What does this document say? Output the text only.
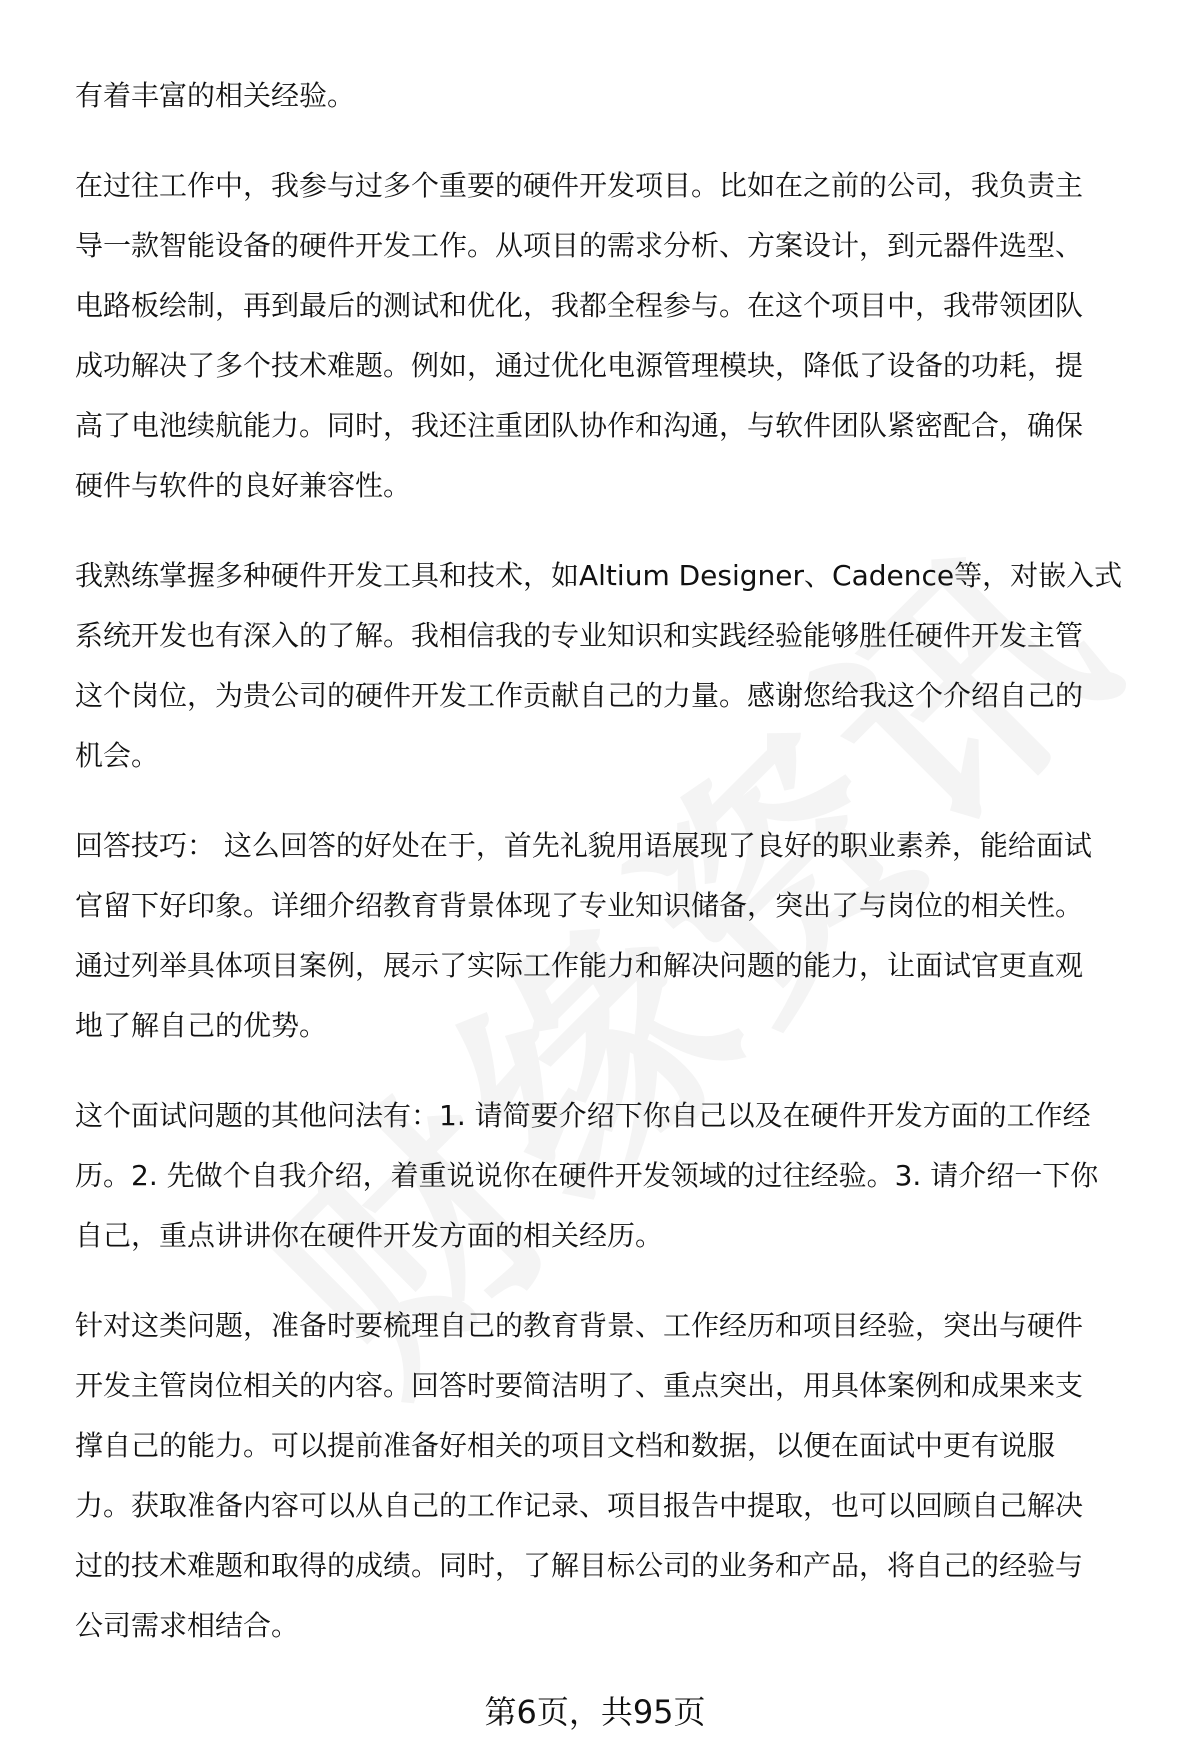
有着丰富的相关经验。

在过往工作中，我参与过多个重要的硬件开发项目。比如在之前的公司，我负责主
导一款智能设备的硬件开发工作。从项目的需求分析、方案设计，到元器件选型、
电路板绘制，再到最后的测试和优化，我都全程参与。在这个项目中，我带领团队
成功解决了多个技术难题。例如，通过优化电源管理模块，降低了设备的功耗，提
高了电池续航能力。同时，我还注重团队协作和沟通，与软件团队紧密配合，确保
硬件与软件的良好兼容性。

我熟练掌握多种硬件开发工具和技术，如Altium Designer、Cadence等，对嵌入式
系统开发也有深入的了解。我相信我的专业知识和实践经验能够胜任硬件开发主管
这个岗位，为贵公司的硬件开发工作贡献自己的力量。感谢您给我这个介绍自己的
机会。

回答技巧： 这么回答的好处在于，首先礼貌用语展现了良好的职业素养，能给面试
官留下好印象。详细介绍教育背景体现了专业知识储备，突出了与岗位的相关性。
通过列举具体项目案例，展示了实际工作能力和解决问题的能力，让面试官更直观
地了解自己的优势。

这个面试问题的其他问法有：1. 请简要介绍下你自己以及在硬件开发方面的工作经
历。2. 先做个自我介绍，着重说说你在硬件开发领域的过往经验。3. 请介绍一下你
自己，重点讲讲你在硬件开发方面的相关经历。

针对这类问题，准备时要梳理自己的教育背景、工作经历和项目经验，突出与硬件
开发主管岗位相关的内容。回答时要简洁明了、重点突出，用具体案例和成果来支
撑自己的能力。可以提前准备好相关的项目文档和数据，以便在面试中更有说服
力。获取准备内容可以从自己的工作记录、项目报告中提取，也可以回顾自己解决
过的技术难题和取得的成绩。同时，了解目标公司的业务和产品，将自己的经验与
公司需求相结合。

第6页，共95页
